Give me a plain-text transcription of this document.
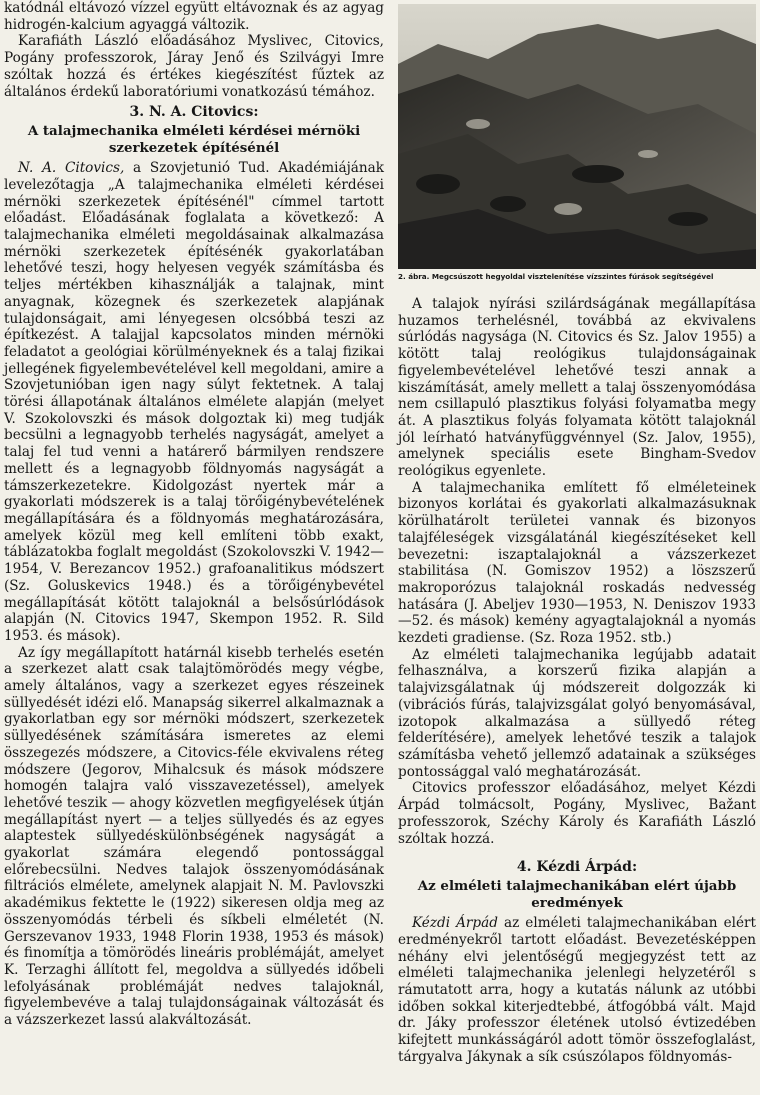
katódnál eltávozó vízzel együtt eltávoznak és az agyag hidrogén-kalcium agyaggá változik.

Karafiáth László előadásához Myslivec, Citovics, Pogány professzorok, Járay Jenő és Szilvágyi Imre szóltak hozzá és értékes kiegészítést fűztek az általános érdekű laboratóriumi vonatkozású témához.

3. N. A. Citovics:
A talajmechanika elméleti kérdései mérnöki szerkezetek építésénél

N. A. Citovics, a Szovjetunió Tud. Akadémiájának levelezőtagja „A talajmechanika elméleti kérdései mérnöki szerkezetek építésénél" címmel tartott előadást. Előadásának foglalata a következő: A talajmechanika elméleti megoldásainak alkalmazása mérnöki szerkezetek építésénék gyakorlatában lehetővé teszi, hogy helyesen vegyék számításba és teljes mértékben kihasználják a talajnak, mint anyagnak, közegnek és szerkezetek alapjának tulajdonságait, ami lényegesen olcsóbbá teszi az építkezést. A talajjal kapcsolatos minden mérnöki feladatot a geológiai körülményeknek és a talaj fizikai jellegének figyelembevételével kell megoldani, amire a Szovjetunióban igen nagy súlyt fektetnek. A talaj törési állapotának általános elmélete alapján (melyet V. Szokolovszki és mások dolgoztak ki) meg tudják becsülni a legnagyobb terhelés nagyságát, amelyet a talaj fel tud venni a határerő bármilyen rendszere mellett és a legnagyobb földnyomás nagyságát a támszerkezetekre. Kidolgozást nyertek már a gyakorlati módszerek is a talaj törőigénybevételének megállapítására és a földnyomás meghatározására, amelyek közül meg kell említeni több exakt, táblázatokba foglalt megoldást (Szokolovszki V. 1942—1954, V. Berezancov 1952.) grafoanalitikus módszert (Sz. Goluskevics 1948.) és a törőigénybevétel megállapítását kötött talajoknál a belsősúrlódások alapján (N. Citovics 1947, Skempon 1952. R. Sild 1953. és mások).

Az így megállapított határnál kisebb terhelés esetén a szerkezet alatt csak talajtömörödés megy végbe, amely általános, vagy a szerkezet egyes részeinek süllyedését idézi elő. Manapság sikerrel alkalmaznak a gyakorlatban egy sor mérnöki módszert, szerkezetek süllyedésének számítására ismeretes az elemi összegezés módszere, a Citovics-féle ekvivalens réteg módszere (Jegorov, Mihalcsuk és mások módszere homogén talajra való visszavezetéssel), amelyek lehetővé teszik — ahogy közvetlen megfigyelések útján megállapítást nyert — a teljes süllyedés és az egyes alaptestek süllyedéskülönbségének nagyságát a gyakorlat számára elegendő pontossággal előrebecsülni. Nedves talajok összenyomódásának filtrációs elmélete, amelynek alapjait N. M. Pavlovszki akadémikus fektette le (1922) sikeresen oldja meg az összenyomódás térbeli és síkbeli elméletét (N. Gerszevanov 1933, 1948 Florin 1938, 1953 és mások) és finomítja a tömörödés lineáris problémáját, amelyet K. Terzaghi állított fel, megoldva a süllyedés időbeli lefolyásának problémáját nedves talajoknál, figyelembevéve a talaj tulajdonságainak változását és a vázszerkezet lassú alakváltozását.

2. ábra. Megcsúszott hegyoldal visztelenítése vízszintes fúrások segítségével

A talajok nyírási szilárdságának megállapítása huzamos terhelésnél, továbbá az ekvivalens súrlódás nagysága (N. Citovics és Sz. Jalov 1955) a kötött talaj reológikus tulajdonságainak figyelembevételével lehetővé teszi annak a kiszámítását, amely mellett a talaj összenyomódása nem csillapuló plasztikus folyási folyamatba megy át. A plasztikus folyás folyamata kötött talajoknál jól leírható hatványfüggvénnyel (Sz. Jalov, 1955), amelynek speciális esete Bingham-Svedov reológikus egyenlete.

A talajmechanika említett fő elméleteinek bizonyos korlátai és gyakorlati alkalmazásuknak körülhatárolt területei vannak és bizonyos talajféleségek vizsgálatánál kiegészítéseket kell bevezetni: iszaptalajoknál a vázszerkezet stabilitása (N. Gomiszov 1952) a löszszerű makroporózus talajoknál roskadás nedvesség hatására (J. Abeljev 1930—1953, N. Deniszov 1933—52. és mások) kemény agyagtalajoknál a nyomás kezdeti gradiense. (Sz. Roza 1952. stb.)

Az elméleti talajmechanika legújabb adatait felhasználva, a korszerű fizika alapján a talajvizsgálatnak új módszereit dolgozzák ki (vibrációs fúrás, talajvizsgálat golyó benyomásával, izotopok alkalmazása a süllyedő réteg felderítésére), amelyek lehetővé teszik a talajok számításba vehető jellemző adatainak a szükséges pontossággal való meghatározását.

Citovics professzor előadásához, melyet Kézdi Árpád tolmácsolt, Pogány, Myslivec, Bažant professzorok, Széchy Károly és Karafiáth László szóltak hozzá.

4. Kézdi Árpád:
Az elméleti talajmechanikában elért újabb eredmények

Kézdi Árpád az elméleti talajmechanikában elért eredményekről tartott előadást. Bevezetésképpen néhány elvi jelentőségű megjegyzést tett az elméleti talajmechanika jelenlegi helyzetéről s rámutatott arra, hogy a kutatás nálunk az utóbbi időben sokkal kiterjedtebbé, átfogóbbá vált. Majd dr. Jáky professzor életének utolsó évtizedében kifejtett munkásságáról adott tömör összefoglalást, tárgyalva Jákynak a sík csúszólapos földnyomás-
